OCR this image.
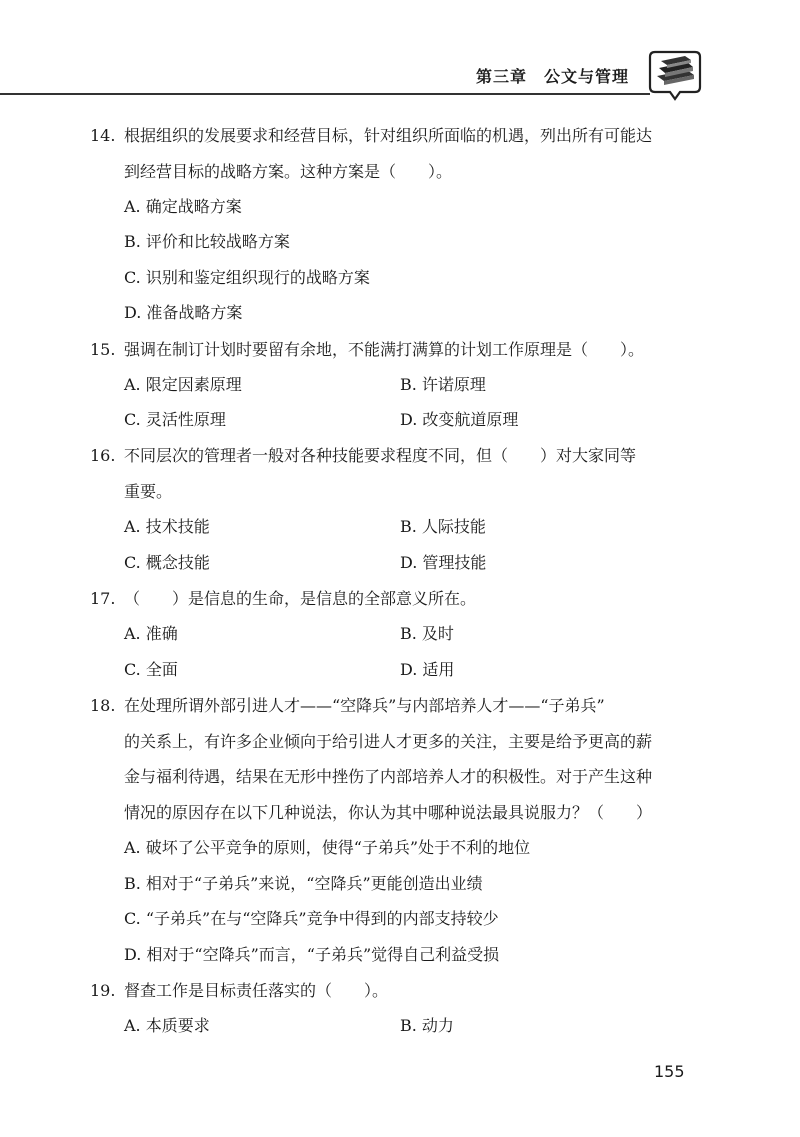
第三章　公文与管理
14. 根据组织的发展要求和经营目标，针对组织所面临的机遇，列出所有可能达
到经营目标的战略方案。这种方案是（　　）。
A. 确定战略方案
B. 评价和比较战略方案
C. 识别和鉴定组织现行的战略方案
D. 准备战略方案
15. 强调在制订计划时要留有余地，不能满打满算的计划工作原理是（　　）。
A. 限定因素原理	B. 许诺原理
C. 灵活性原理	D. 改变航道原理
16. 不同层次的管理者一般对各种技能要求程度不同，但（　　）对大家同等
重要。
A. 技术技能	B. 人际技能
C. 概念技能	D. 管理技能
17. （　　）是信息的生命，是信息的全部意义所在。
A. 准确	B. 及时
C. 全面	D. 适用
18. 在处理所谓外部引进人才——“空降兵”与内部培养人才——“子弟兵”
的关系上，有许多企业倾向于给引进人才更多的关注，主要是给予更高的薪
金与福利待遇，结果在无形中挫伤了内部培养人才的积极性。对于产生这种
情况的原因存在以下几种说法，你认为其中哪种说法最具说服力？（　　）
A. 破坏了公平竞争的原则，使得“子弟兵”处于不利的地位
B. 相对于“子弟兵”来说，“空降兵”更能创造出业绩
C. “子弟兵”在与“空降兵”竞争中得到的内部支持较少
D. 相对于“空降兵”而言，“子弟兵”觉得自己利益受损
19. 督查工作是目标责任落实的（　　）。
A. 本质要求	B. 动力
155
